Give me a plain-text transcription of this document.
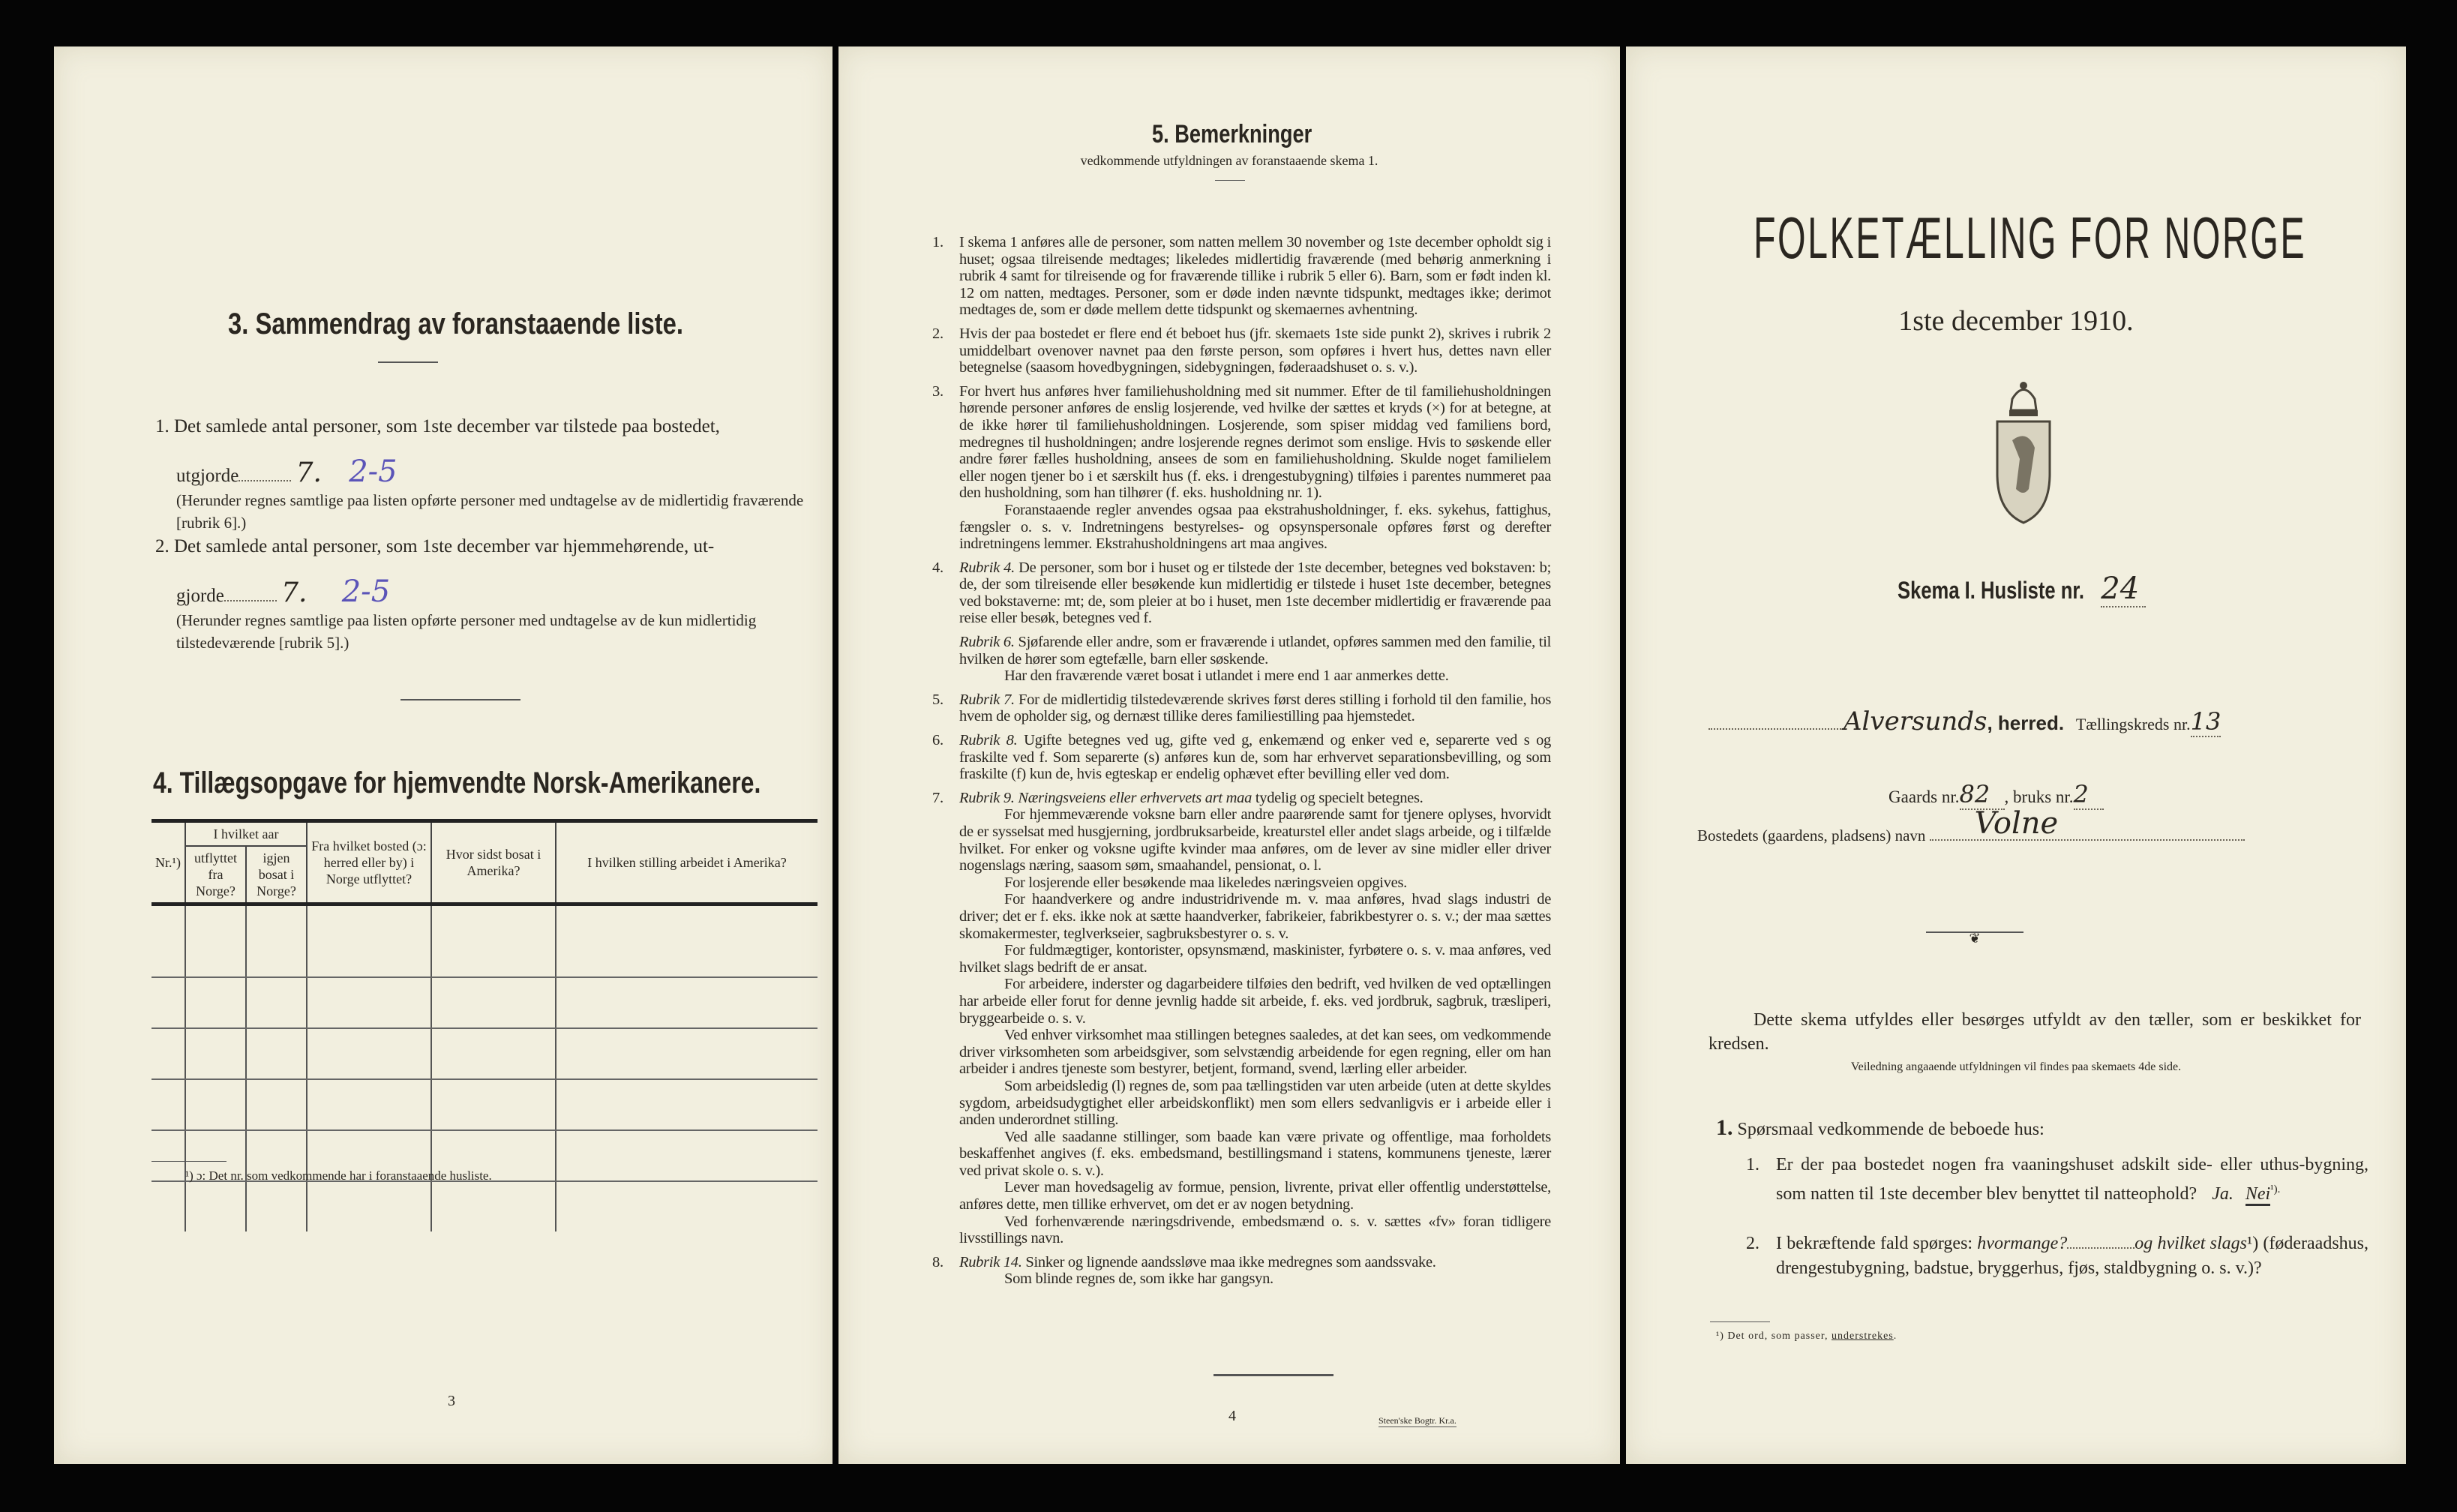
3. Sammendrag av foranstaaende liste.
1. Det samlede antal personer, som 1ste december var tilstede paa bostedet,
utgjorde 7. 2-5
(Herunder regnes samtlige paa listen opførte personer med undtagelse av de midlertidig fraværende [rubrik 6].)
2. Det samlede antal personer, som 1ste december var hjemmehørende, ut-
gjorde 7. 2-5
(Herunder regnes samtlige paa listen opførte personer med undtagelse av de kun midlertidig tilstedeværende [rubrik 5].)
4. Tillægsopgave for hjemvendte Norsk-Amerikanere.
Nr.¹)	I hvilket aar		Fra hvilket bosted (ɔ: herred eller by) i Norge utflyttet?	Hvor sidst bosat i Amerika?	I hvilken stilling arbeidet i Amerika?
	utflyttet fra Norge?	igjen bosat i Norge?			

¹) ɔ: Det nr. som vedkommende har i foranstaaende husliste.
3
5. Bemerkninger
vedkommende utfyldningen av foranstaaende skema 1.
1.	I skema 1 anføres alle de personer, som natten mellem 30 november og 1ste december opholdt sig i huset; ogsaa tilreisende medtages; likeledes midlertidig fraværende (med behørig anmerkning i rubrik 4 samt for tilreisende og for fraværende tillike i rubrik 5 eller 6). Barn, som er født inden kl. 12 om natten, medtages. Personer, som er døde inden nævnte tidspunkt, medtages ikke; derimot medtages de, som er døde mellem dette tidspunkt og skemaernes avhentning.

2.	Hvis der paa bostedet er flere end ét beboet hus (jfr. skemaets 1ste side punkt 2), skrives i rubrik 2 umiddelbart ovenover navnet paa den første person, som opføres i hvert hus, dettes navn eller betegnelse (saasom hovedbygningen, sidebygningen, føderaadshuset o. s. v.).

3.	For hvert hus anføres hver familiehusholdning med sit nummer. Efter de til familiehusholdningen hørende personer anføres de enslig losjerende, ved hvilke der sættes et kryds (×) for at betegne, at de ikke hører til familiehusholdningen. Losjerende, som spiser middag ved familiens bord, medregnes til husholdningen; andre losjerende regnes derimot som enslige. Hvis to søskende eller andre fører fælles husholdning, ansees de som en familiehusholdning. Skulde noget familielem eller nogen tjener bo i et særskilt hus (f. eks. i drengestubygning) tilføies i parentes nummeret paa den husholdning, som han tilhører (f. eks. husholdning nr. 1).

Foranstaaende regler anvendes ogsaa paa ekstrahusholdninger, f. eks. sykehus, fattighus, fængsler o. s. v. Indretningens bestyrelses- og opsynspersonale opføres først og derefter indretningens lemmer. Ekstrahusholdningens art maa angives.

4.	Rubrik 4. De personer, som bor i huset og er tilstede der 1ste december, betegnes ved bokstaven: b; de, der som tilreisende eller besøkende kun midlertidig er tilstede i huset 1ste december, betegnes ved bokstaverne: mt; de, som pleier at bo i huset, men 1ste december midlertidig er fraværende paa reise eller besøk, betegnes ved f.

Rubrik 6. Sjøfarende eller andre, som er fraværende i utlandet, opføres sammen med den familie, til hvilken de hører som egtefælle, barn eller søskende.

Har den fraværende været bosat i utlandet i mere end 1 aar anmerkes dette.

5.	Rubrik 7. For de midlertidig tilstedeværende skrives først deres stilling i forhold til den familie, hos hvem de opholder sig, og dernæst tillike deres familiestilling paa hjemstedet.

6.	Rubrik 8. Ugifte betegnes ved ug, gifte ved g, enkemænd og enker ved e, separerte ved s og fraskilte ved f. Som separerte (s) anføres kun de, som har erhvervet separationsbevilling, og som fraskilte (f) kun de, hvis egteskap er endelig ophævet efter bevilling eller ved dom.

7.	Rubrik 9. Næringsveiens eller erhvervets art maa tydelig og specielt betegnes.

For hjemmeværende voksne barn eller andre paarørende samt for tjenere oplyses, hvorvidt de er sysselsat med husgjerning, jordbruksarbeide, kreaturstel eller andet slags arbeide, og i tilfælde hvilket. For enker og voksne ugifte kvinder maa anføres, om de lever av sine midler eller driver nogenslags næring, saasom søm, smaahandel, pensionat, o. l.

For losjerende eller besøkende maa likeledes næringsveien opgives.

For haandverkere og andre industridrivende m. v. maa anføres, hvad slags industri de driver; det er f. eks. ikke nok at sætte haandverker, fabrikeier, fabrikbestyrer o. s. v.; der maa sættes skomakermester, teglverkseier, sagbruksbestyrer o. s. v.

For fuldmægtiger, kontorister, opsynsmænd, maskinister, fyrbøtere o. s. v. maa anføres, ved hvilket slags bedrift de er ansat.

For arbeidere, inderster og dagarbeidere tilføies den bedrift, ved hvilken de ved optællingen har arbeide eller forut for denne jevnlig hadde sit arbeide, f. eks. ved jordbruk, sagbruk, træsliperi, bryggearbeide o. s. v.

Ved enhver virksomhet maa stillingen betegnes saaledes, at det kan sees, om vedkommende driver virksomheten som arbeidsgiver, som selvstændig arbeidende for egen regning, eller om han arbeider i andres tjeneste som bestyrer, betjent, formand, svend, lærling eller arbeider.

Som arbeidsledig (l) regnes de, som paa tællingstiden var uten arbeide (uten at dette skyldes sygdom, arbeidsudygtighet eller arbeidskonflikt) men som ellers sedvanligvis er i arbeide eller i anden underordnet stilling.

Ved alle saadanne stillinger, som baade kan være private og offentlige, maa forholdets beskaffenhet angives (f. eks. embedsmand, bestillingsmand i statens, kommunens tjeneste, lærer ved privat skole o. s. v.).

Lever man hovedsagelig av formue, pension, livrente, privat eller offentlig understøttelse, anføres dette, men tillike erhvervet, om det er av nogen betydning.

Ved forhenværende næringsdrivende, embedsmænd o. s. v. sættes «fv» foran tidligere livsstillings navn.

8.	Rubrik 14. Sinker og lignende aandssløve maa ikke medregnes som aandssvake.

Som blinde regnes de, som ikke har gangsyn.

4	Steen'ske Bogtr. Kr.a.
FOLKETÆLLING FOR NORGE
1ste december 1910.
Skema I. Husliste nr. 24
Alversunds, herred. Tællingskreds nr.13
Gaards nr.82 , bruks nr.2
Bostedets (gaardens, pladsens) navn Volne
❦
Dette skema utfyldes eller besørges utfyldt av den tæller, som er beskikket for kredsen.
Veiledning angaaende utfyldningen vil findes paa skemaets 4de side.
1. Spørsmaal vedkommende de beboede hus:
1. Er der paa bostedet nogen fra vaaningshuset adskilt side- eller uthus-bygning, som natten til 1ste december blev benyttet til natteophold? Ja. Nei$^{^1).}$
2. I bekræftende fald spørges: hvormange?	og hvilket slags¹) (føderaadshus, drengestubygning, badstue, bryggerhus, fjøs, staldbygning o. s. v.)?
¹) Det ord, som passer, understrekes.
